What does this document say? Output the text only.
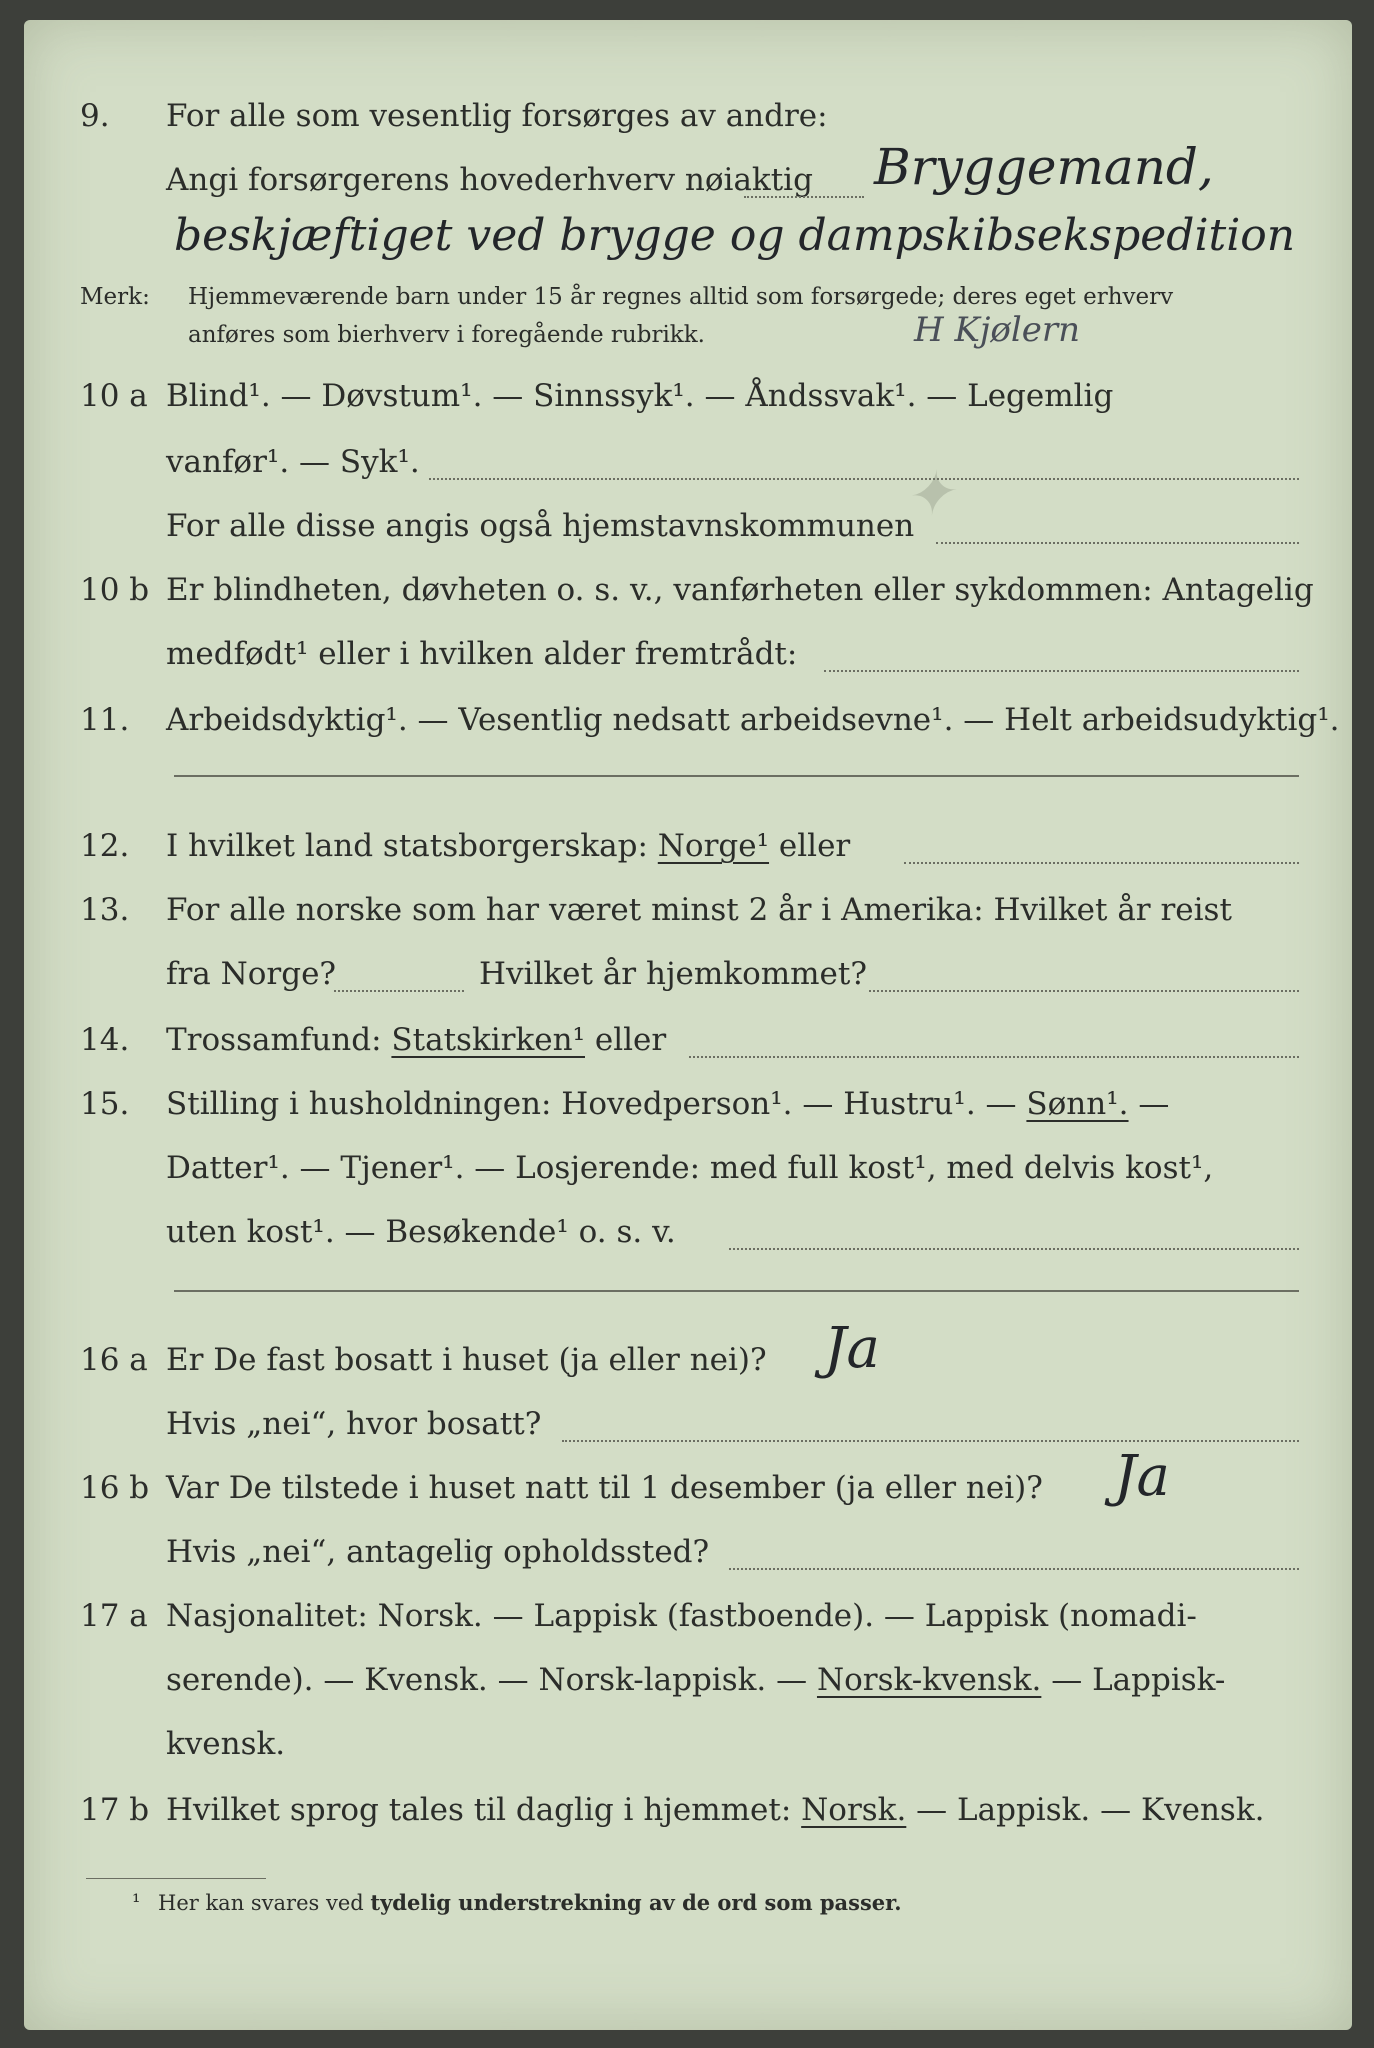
✦
9. For alle som vesentlig forsørges av andre:
Angi forsørgerens hovederhverv nøiaktig Bryggemand,
beskjæftiget ved brygge og dampskibsekspedition
Merk: Hjemmeværende barn under 15 år regnes alltid som forsørgede; deres eget erhverv
anføres som bierhverv i foregående rubrikk.	H Kjølern
10 a Blind¹. — Døvstum¹. — Sinnssyk¹. — Åndssvak¹. — Legemlig
vanfør¹. — Syk¹.
For alle disse angis også hjemstavnskommunen
10 b Er blindheten, døvheten o. s. v., vanførheten eller sykdommen: Antagelig
medfødt¹ eller i hvilken alder fremtrådt:
11. Arbeidsdyktig¹. — Vesentlig nedsatt arbeidsevne¹. — Helt arbeidsudyktig¹.
12. I hvilket land statsborgerskap: Norge¹ eller
13. For alle norske som har været minst 2 år i Amerika: Hvilket år reist
fra Norge?	Hvilket år hjemkommet?
14. Trossamfund: Statskirken¹ eller
15. Stilling i husholdningen: Hovedperson¹. — Hustru¹. — Sønn¹. —
Datter¹. — Tjener¹. — Losjerende: med full kost¹, med delvis kost¹,
uten kost¹. — Besøkende¹ o. s. v.
16 a Er De fast bosatt i huset (ja eller nei)? Ja
Hvis „nei“, hvor bosatt?
16 b Var De tilstede i huset natt til 1 desember (ja eller nei)? Ja
Hvis „nei“, antagelig opholdssted?
17 a Nasjonalitet: Norsk. — Lappisk (fastboende). — Lappisk (nomadi-
serende). — Kvensk. — Norsk-lappisk. — Norsk-kvensk. — Lappisk-
kvensk.
17 b Hvilket sprog tales til daglig i hjemmet: Norsk. — Lappisk. — Kvensk.
¹ Her kan svares ved tydelig understrekning av de ord som passer.
